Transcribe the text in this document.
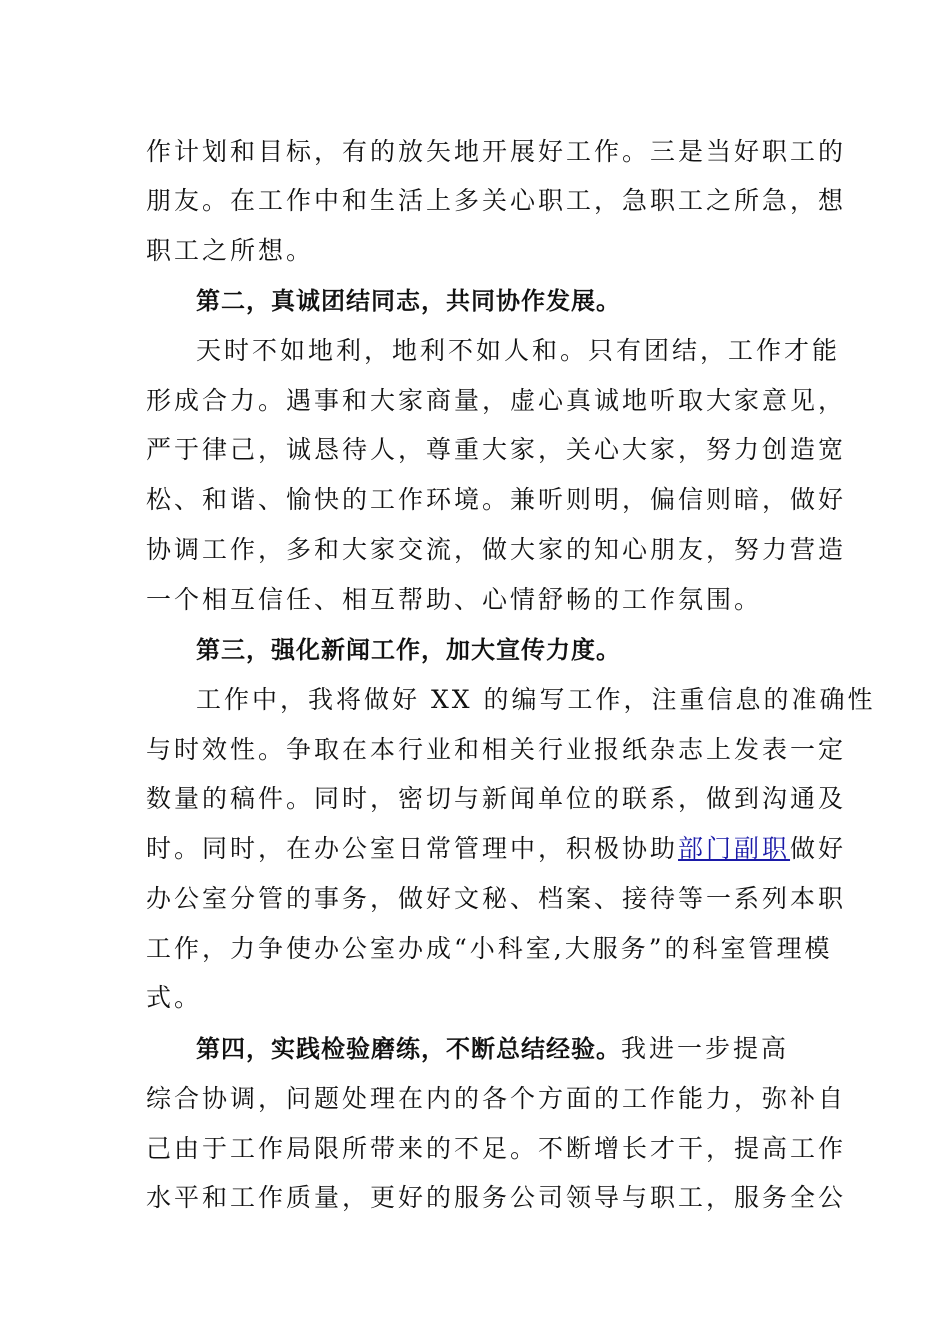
作计划和目标，有的放矢地开展好工作。三是当好职工的
朋友。在工作中和生活上多关心职工，急职工之所急，想
职工之所想。
第二，真诚团结同志，共同协作发展。
天时不如地利，地利不如人和。只有团结，工作才能
形成合力。遇事和大家商量，虚心真诚地听取大家意见，
严于律己，诚恳待人，尊重大家，关心大家，努力创造宽
松、和谐、愉快的工作环境。兼听则明，偏信则暗，做好
协调工作，多和大家交流，做大家的知心朋友，努力营造
一个相互信任、相互帮助、心情舒畅的工作氛围。
第三，强化新闻工作，加大宣传力度。
工作中，我将做好 XX 的编写工作，注重信息的准确性
与时效性。争取在本行业和相关行业报纸杂志上发表一定
数量的稿件。同时，密切与新闻单位的联系，做到沟通及
时。同时，在办公室日常管理中，积极协助部门副职做好
办公室分管的事务，做好文秘、档案、接待等一系列本职
工作，力争使办公室办成“小科室,大服务”的科室管理模
式。
第四，实践检验磨练，不断总结经验。我进一步提高
综合协调，问题处理在内的各个方面的工作能力，弥补自
己由于工作局限所带来的不足。不断增长才干，提高工作
水平和工作质量，更好的服务公司领导与职工，服务全公
